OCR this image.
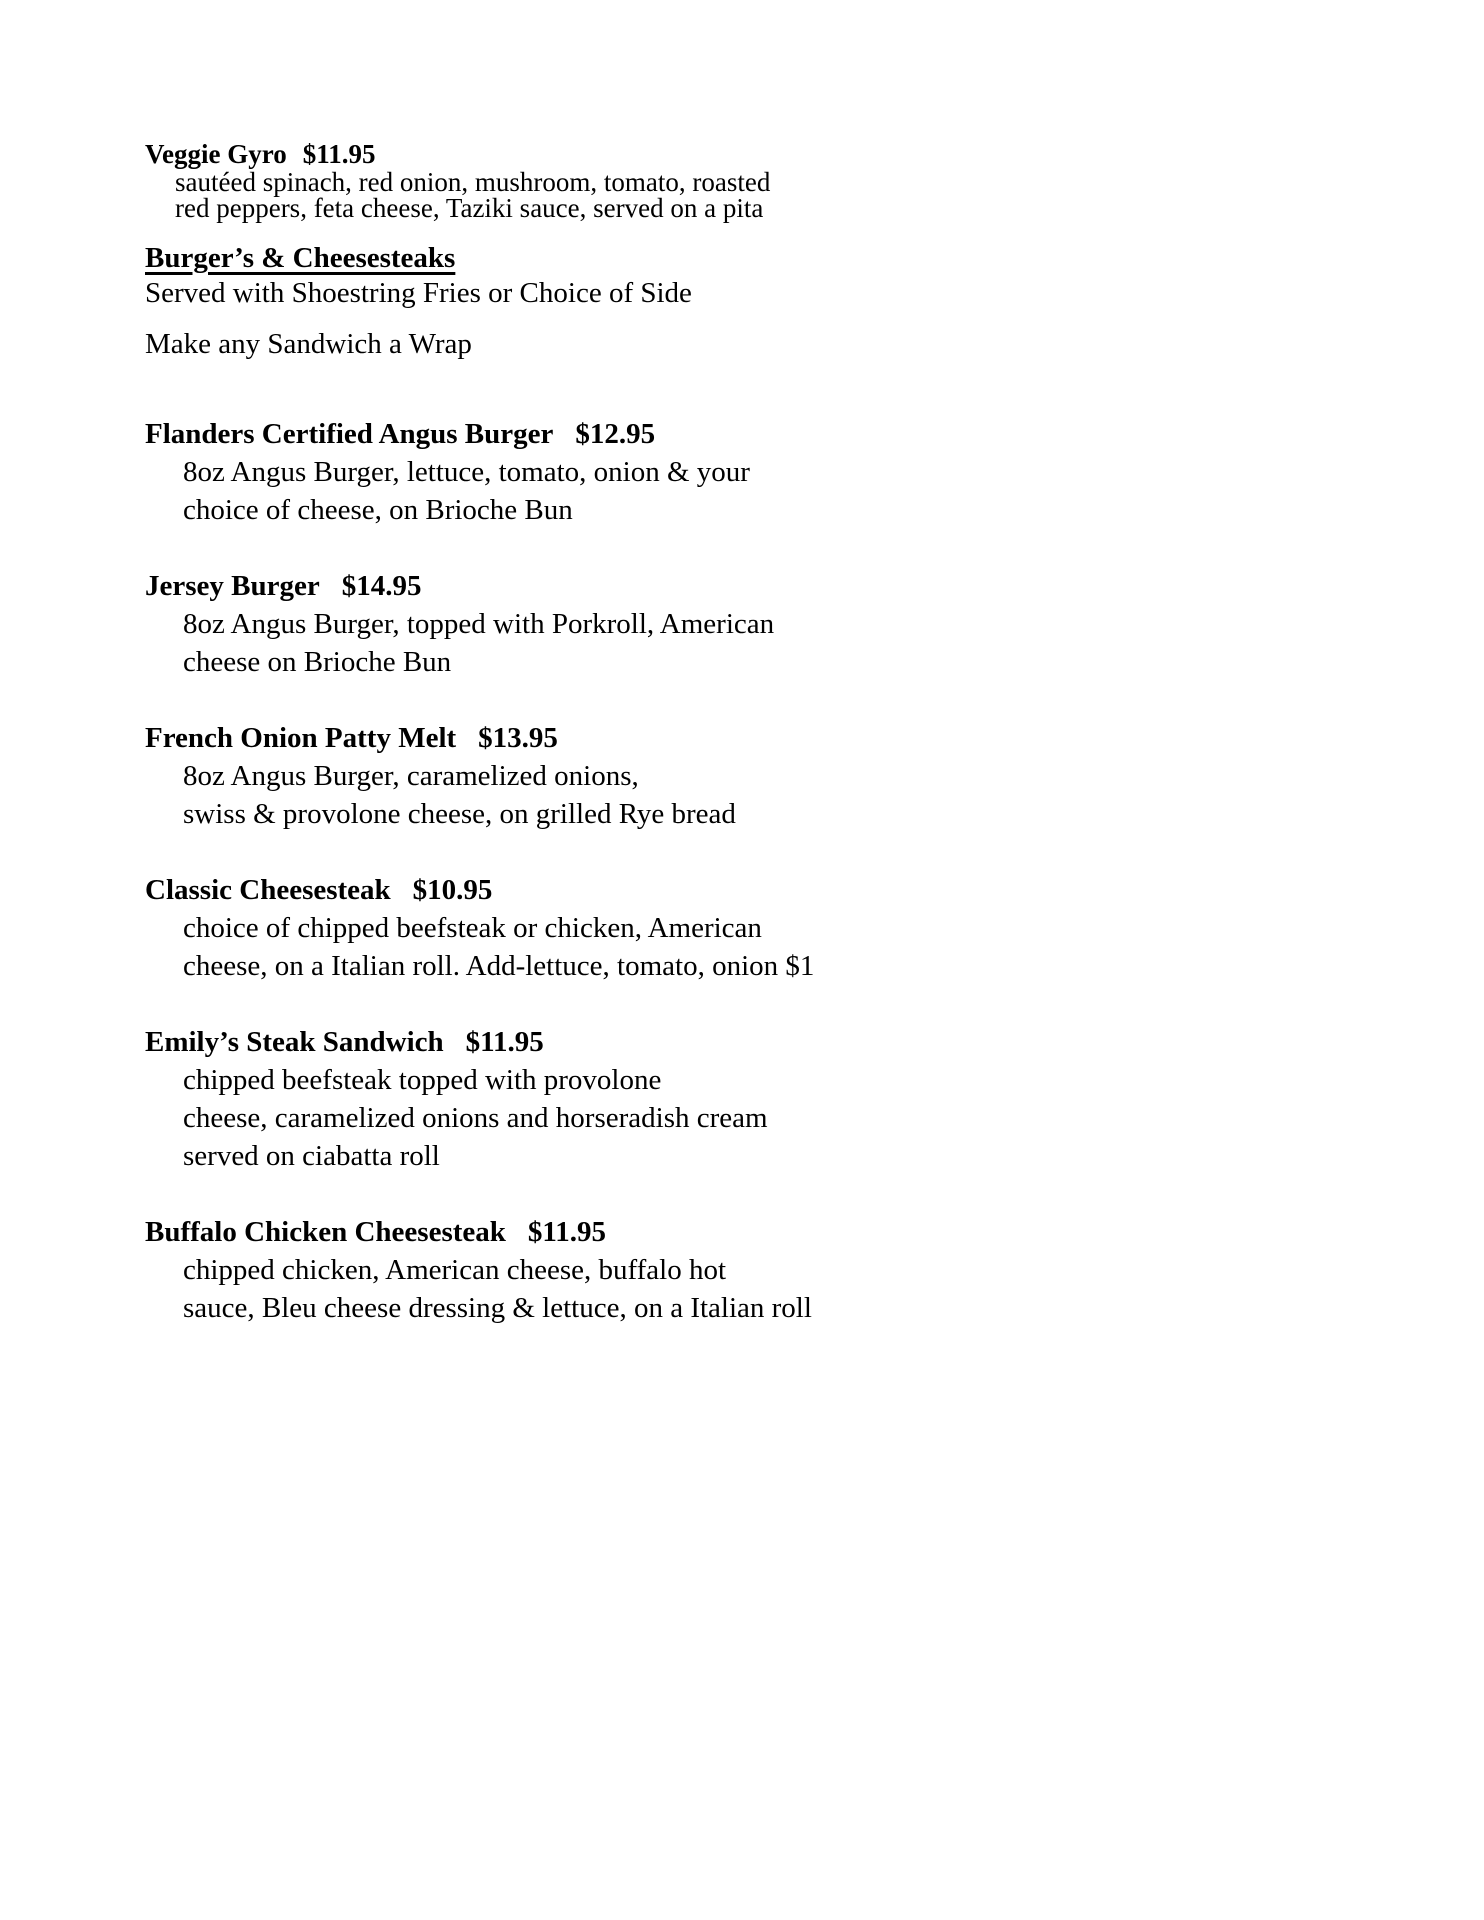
Veggie Gyro $11.95
sautéed spinach, red onion, mushroom, tomato, roasted
red peppers, feta cheese, Taziki sauce, served on a pita
Burger’s & Cheesesteaks
Served with Shoestring Fries or Choice of Side
Make any Sandwich a Wrap
Flanders Certified Angus Burger $12.95
8oz Angus Burger, lettuce, tomato, onion & your
choice of cheese, on Brioche Bun
Jersey Burger $14.95
8oz Angus Burger, topped with Porkroll, American
cheese on Brioche Bun
French Onion Patty Melt $13.95
8oz Angus Burger, caramelized onions,
swiss & provolone cheese, on grilled Rye bread
Classic Cheesesteak $10.95
choice of chipped beefsteak or chicken, American
cheese, on a Italian roll. Add-lettuce, tomato, onion $1
Emily’s Steak Sandwich $11.95
chipped beefsteak topped with provolone
cheese, caramelized onions and horseradish cream
served on ciabatta roll
Buffalo Chicken Cheesesteak $11.95
chipped chicken, American cheese, buffalo hot
sauce, Bleu cheese dressing & lettuce, on a Italian roll
